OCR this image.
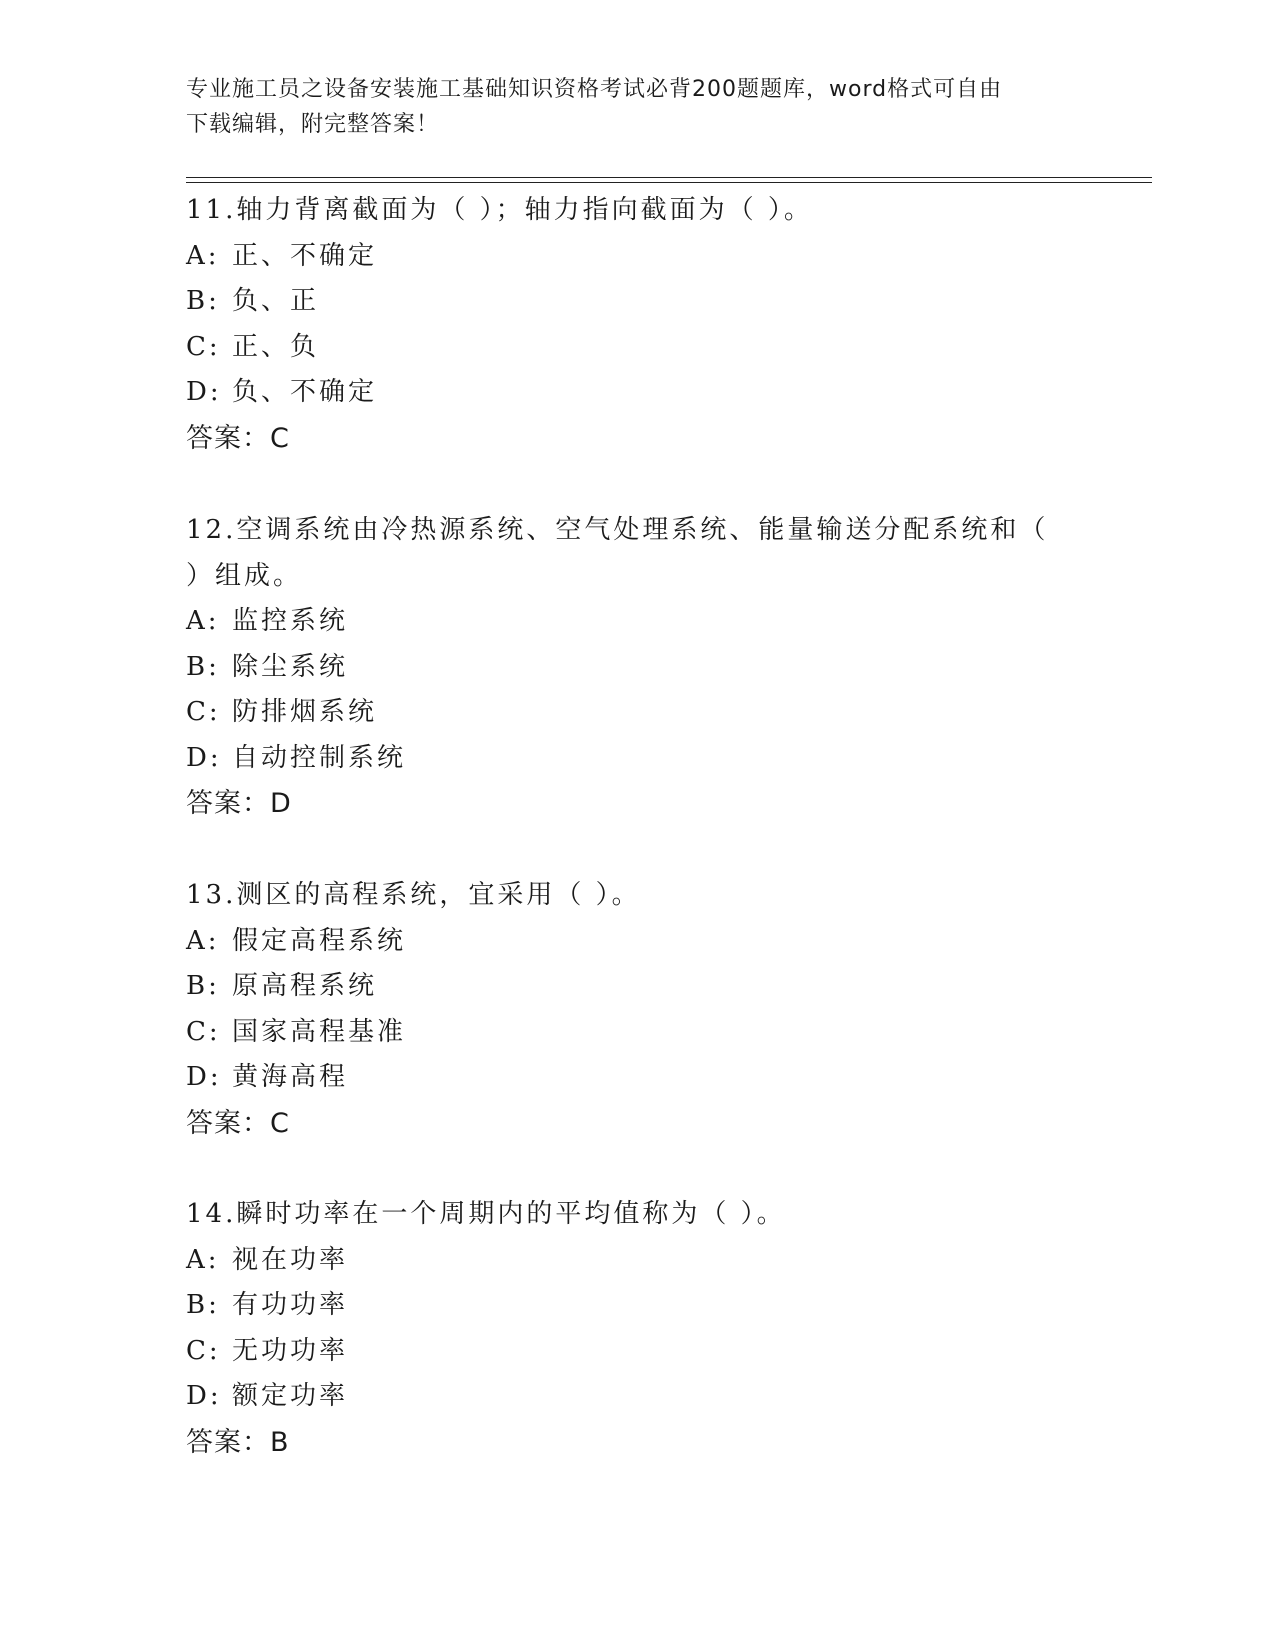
专业施工员之设备安装施工基础知识资格考试必背200题题库，word格式可自由
下载编辑，附完整答案！
11.轴力背离截面为（ ）；轴力指向截面为（ ）。
A: 正、不确定
B: 负、正
C: 正、负
D: 负、不确定
答案：C
12.空调系统由冷热源系统、空气处理系统、能量输送分配系统和（
）组成。
A: 监控系统
B: 除尘系统
C: 防排烟系统
D: 自动控制系统
答案：D
13.测区的高程系统，宜采用（ ）。
A: 假定高程系统
B: 原高程系统
C: 国家高程基准
D: 黄海高程
答案：C
14.瞬时功率在一个周期内的平均值称为（ ）。
A: 视在功率
B: 有功功率
C: 无功功率
D: 额定功率
答案：B
